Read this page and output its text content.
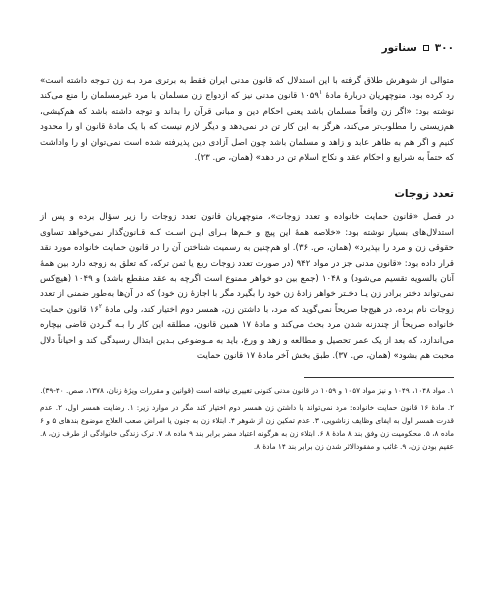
۳۰۰
سناتور

متوالی از شوهرش طلاق گرفته با این استدلال که قانون مدنی ایران فقط به برتری مرد بـه زن تـوجه داشته است» رد کرده بود. منوچهریان دربارهٔ مادهٔ ۱۰۵۹$^۱$ قانون مدنی نیز که ازدواج زن مسلمان با مرد غیرمسلمان را منع می‌کند نوشته بود: «اگر زن واقعاً مسلمان باشد یعنی احکام دین و مبانی قرآن را بداند و توجه داشته باشد که هم‌کیشی، هم‌زیستی را مطلوب‌تر می‌کند، هرگز به این کار تن در نمی‌دهد و دیگر لازم نیست که با یک مادهٔ قانون او را محدود کنیم و اگر هم به ظاهر عابد و زاهد و مسلمان باشد چون اصل آزادی دین پذیرفته شده است نمی‌توان او را واداشت که حتماً به شرایع و احکام عقد و نکاح اسلام تن در دهد» (همان، ص. ۲۳).

تعدد زوجات

در فصل «قانون حمایت خانواده و تعدد زوجات»، منوچهریان قانون تعدد زوجات را زیر سؤال برده و پس از استدلال‌های بسیار نوشته بود: «خلاصه همهٔ این پیچ و خـم‌ها بـرای ایـن اسـت کـه قـانون‌گذار نمی‌خواهد تساوی حقوقی زن و مرد را بپذیرد» (همان، ص. ۳۶). او هم‌چنین به رسمیت شناختن آن را در قانون حمایت خانواده مورد نقد قرار داده بود: «قانون مدنی جز در مواد ۹۴۲ (در صورت تعدد زوجات ربع یا ثمن ترکه، که تعلق به زوجه دارد بین همهٔ آنان بالسویه تقسیم می‌شود) و ۱۰۴۸ (جمع بین دو خواهر ممنوع است اگرچه به عقد منقطع باشد) و ۱۰۴۹ (هیچ‌کس نمی‌تواند دختر برادر زن یـا دخـتر خواهر زادهٔ زن خود را بگیرد مگر با اجازهٔ زن خود) که در آن‌ها به‌طور ضمنی از تعدد زوجات نام برده، در هیچ‌جا صریحاً نمی‌گوید که مرد، با داشتن زن، همسر دوم اختیار کند، ولی مادهٔ $۱۶^۲$ قانون حمایت خانواده صریحاً از چندزنه شدن مرد بحث می‌کند و مادهٔ ۱۷ همین قانون، مطلقه این کار را بـه گـردن قاضی بیچاره می‌اندازد، که بعد از یک عمر تحصیل و مطالعه و زهد و ورع، باید به مـوضوعی بـدین ابتذال رسیدگی کند و احیاناً دلال محبت هم بشود» (همان، ص. ۳۷). طبق بخش آخر مادهٔ ۱۷ قانون حمایت

۱. مواد ۱۰۴۸، ۱۰۴۹ و نیز مواد ۱۰۵۷ و ۱۰۵۹ در قانون مدنی کنونی تغییری نیافته است (قوانین و مقررات ویژهٔ زنان، ۱۳۷۸، صص. ۴۰-۳۹).

۲. مادهٔ ۱۶ قانون حمایت خانواده: مرد نمی‌تواند با داشتن زن همسر دوم اختیار کند مگر در موارد زیر: ۱. رضایت همسر اول، ۲. عدم قدرت همسر اول به ایفای وظایف زناشویی، ۳. عدم تمکین زن از شوهر ۴. ابتلاء زن به جنون یا امراض صعب العلاج موضوع بندهای ۵ و ۶ ماده ۸، ۵. محکومیت زن وفق بند ۸ مادهٔ ۸ ۶. ابتلاء زن به هرگونه اعتیاد مضر برابر بند ۹ ماده ۸، ۷. ترک زندگی خانوادگی از طرف زن، ۸. عقیم بودن زن، ۹. غائب و مفقودالاثر شدن زن برابر بند ۱۴ مادهٔ ۸.
